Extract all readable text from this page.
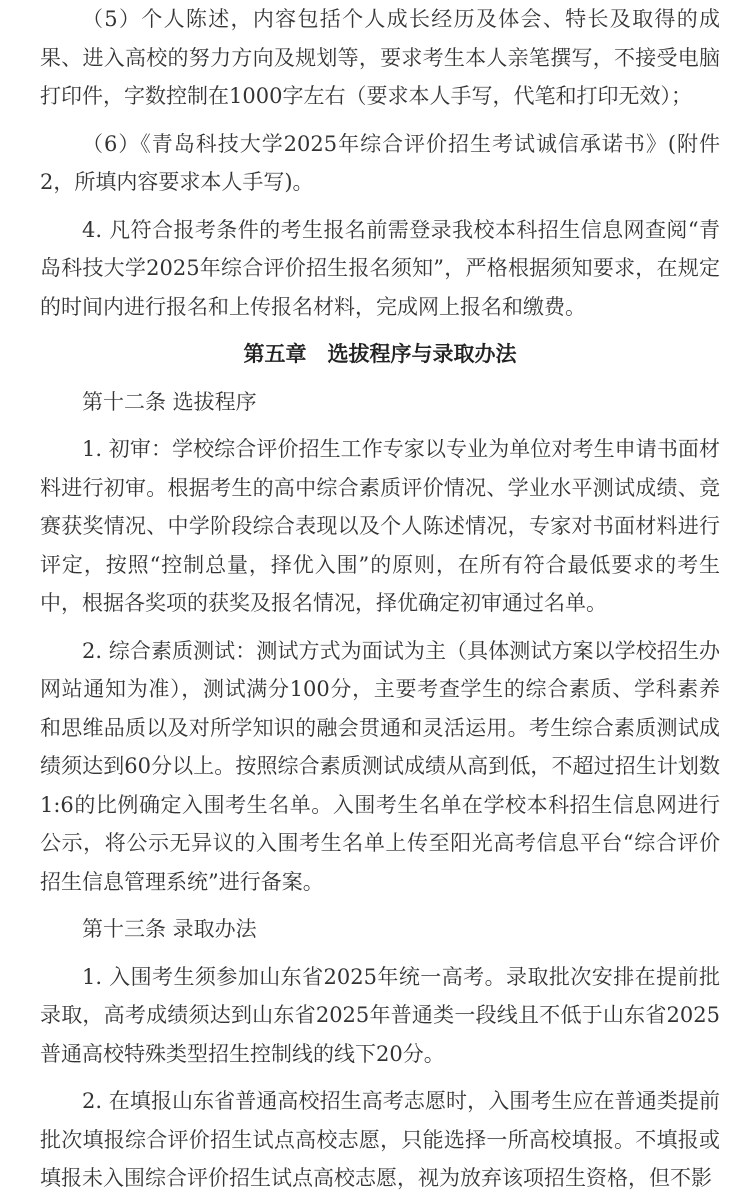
（5）个人陈述，内容包括个人成长经历及体会、特长及取得的成果、进入高校的努力方向及规划等，要求考生本人亲笔撰写，不接受电脑打印件，字数控制在1000字左右（要求本人手写，代笔和打印无效）；

（6）《青岛科技大学2025年综合评价招生考试诚信承诺书》(附件2，所填内容要求本人手写)。

4. 凡符合报考条件的考生报名前需登录我校本科招生信息网查阅“青岛科技大学2025年综合评价招生报名须知”，严格根据须知要求，在规定的时间内进行报名和上传报名材料，完成网上报名和缴费。

第五章　选拔程序与录取办法

第十二条 选拔程序

1. 初审：学校综合评价招生工作专家以专业为单位对考生申请书面材料进行初审。根据考生的高中综合素质评价情况、学业水平测试成绩、竞赛获奖情况、中学阶段综合表现以及个人陈述情况，专家对书面材料进行评定，按照“控制总量，择优入围”的原则，在所有符合最低要求的考生中，根据各奖项的获奖及报名情况，择优确定初审通过名单。

2. 综合素质测试：测试方式为面试为主（具体测试方案以学校招生办网站通知为准），测试满分100分，主要考查学生的综合素质、学科素养和思维品质以及对所学知识的融会贯通和灵活运用。考生综合素质测试成绩须达到60分以上。按照综合素质测试成绩从高到低，不超过招生计划数1:6的比例确定入围考生名单。入围考生名单在学校本科招生信息网进行公示，将公示无异议的入围考生名单上传至阳光高考信息平台“综合评价招生信息管理系统”进行备案。

第十三条 录取办法

1. 入围考生须参加山东省2025年统一高考。录取批次安排在提前批录取，高考成绩须达到山东省2025年普通类一段线且不低于山东省2025普通高校特殊类型招生控制线的线下20分。

2. 在填报山东省普通高校招生高考志愿时，入围考生应在普通类提前批次填报综合评价招生试点高校志愿，只能选择一所高校填报。不填报或填报未入围综合评价招生试点高校志愿，视为放弃该项招生资格，但不影
